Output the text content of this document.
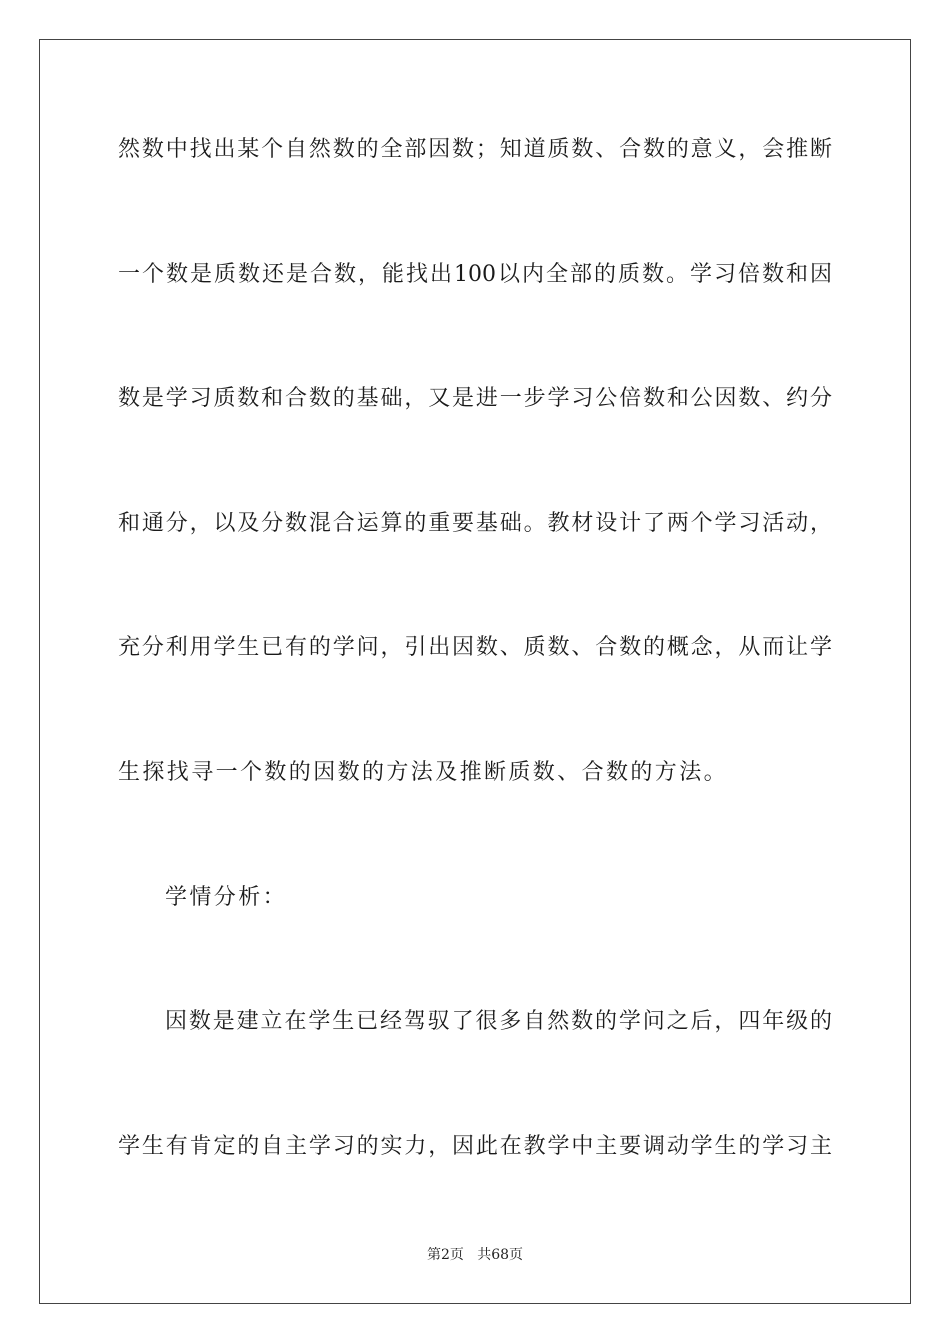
然数中找出某个自然数的全部因数；知道质数、合数的意义，会推断
一个数是质数还是合数，能找出100以内全部的质数。学习倍数和因
数是学习质数和合数的基础，又是进一步学习公倍数和公因数、约分
和通分，以及分数混合运算的重要基础。教材设计了两个学习活动，
充分利用学生已有的学问，引出因数、质数、合数的概念，从而让学
生探找寻一个数的因数的方法及推断质数、合数的方法。
学情分析：
因数是建立在学生已经驾驭了很多自然数的学问之后，四年级的
学生有肯定的自主学习的实力，因此在教学中主要调动学生的学习主
第2页   共68页
